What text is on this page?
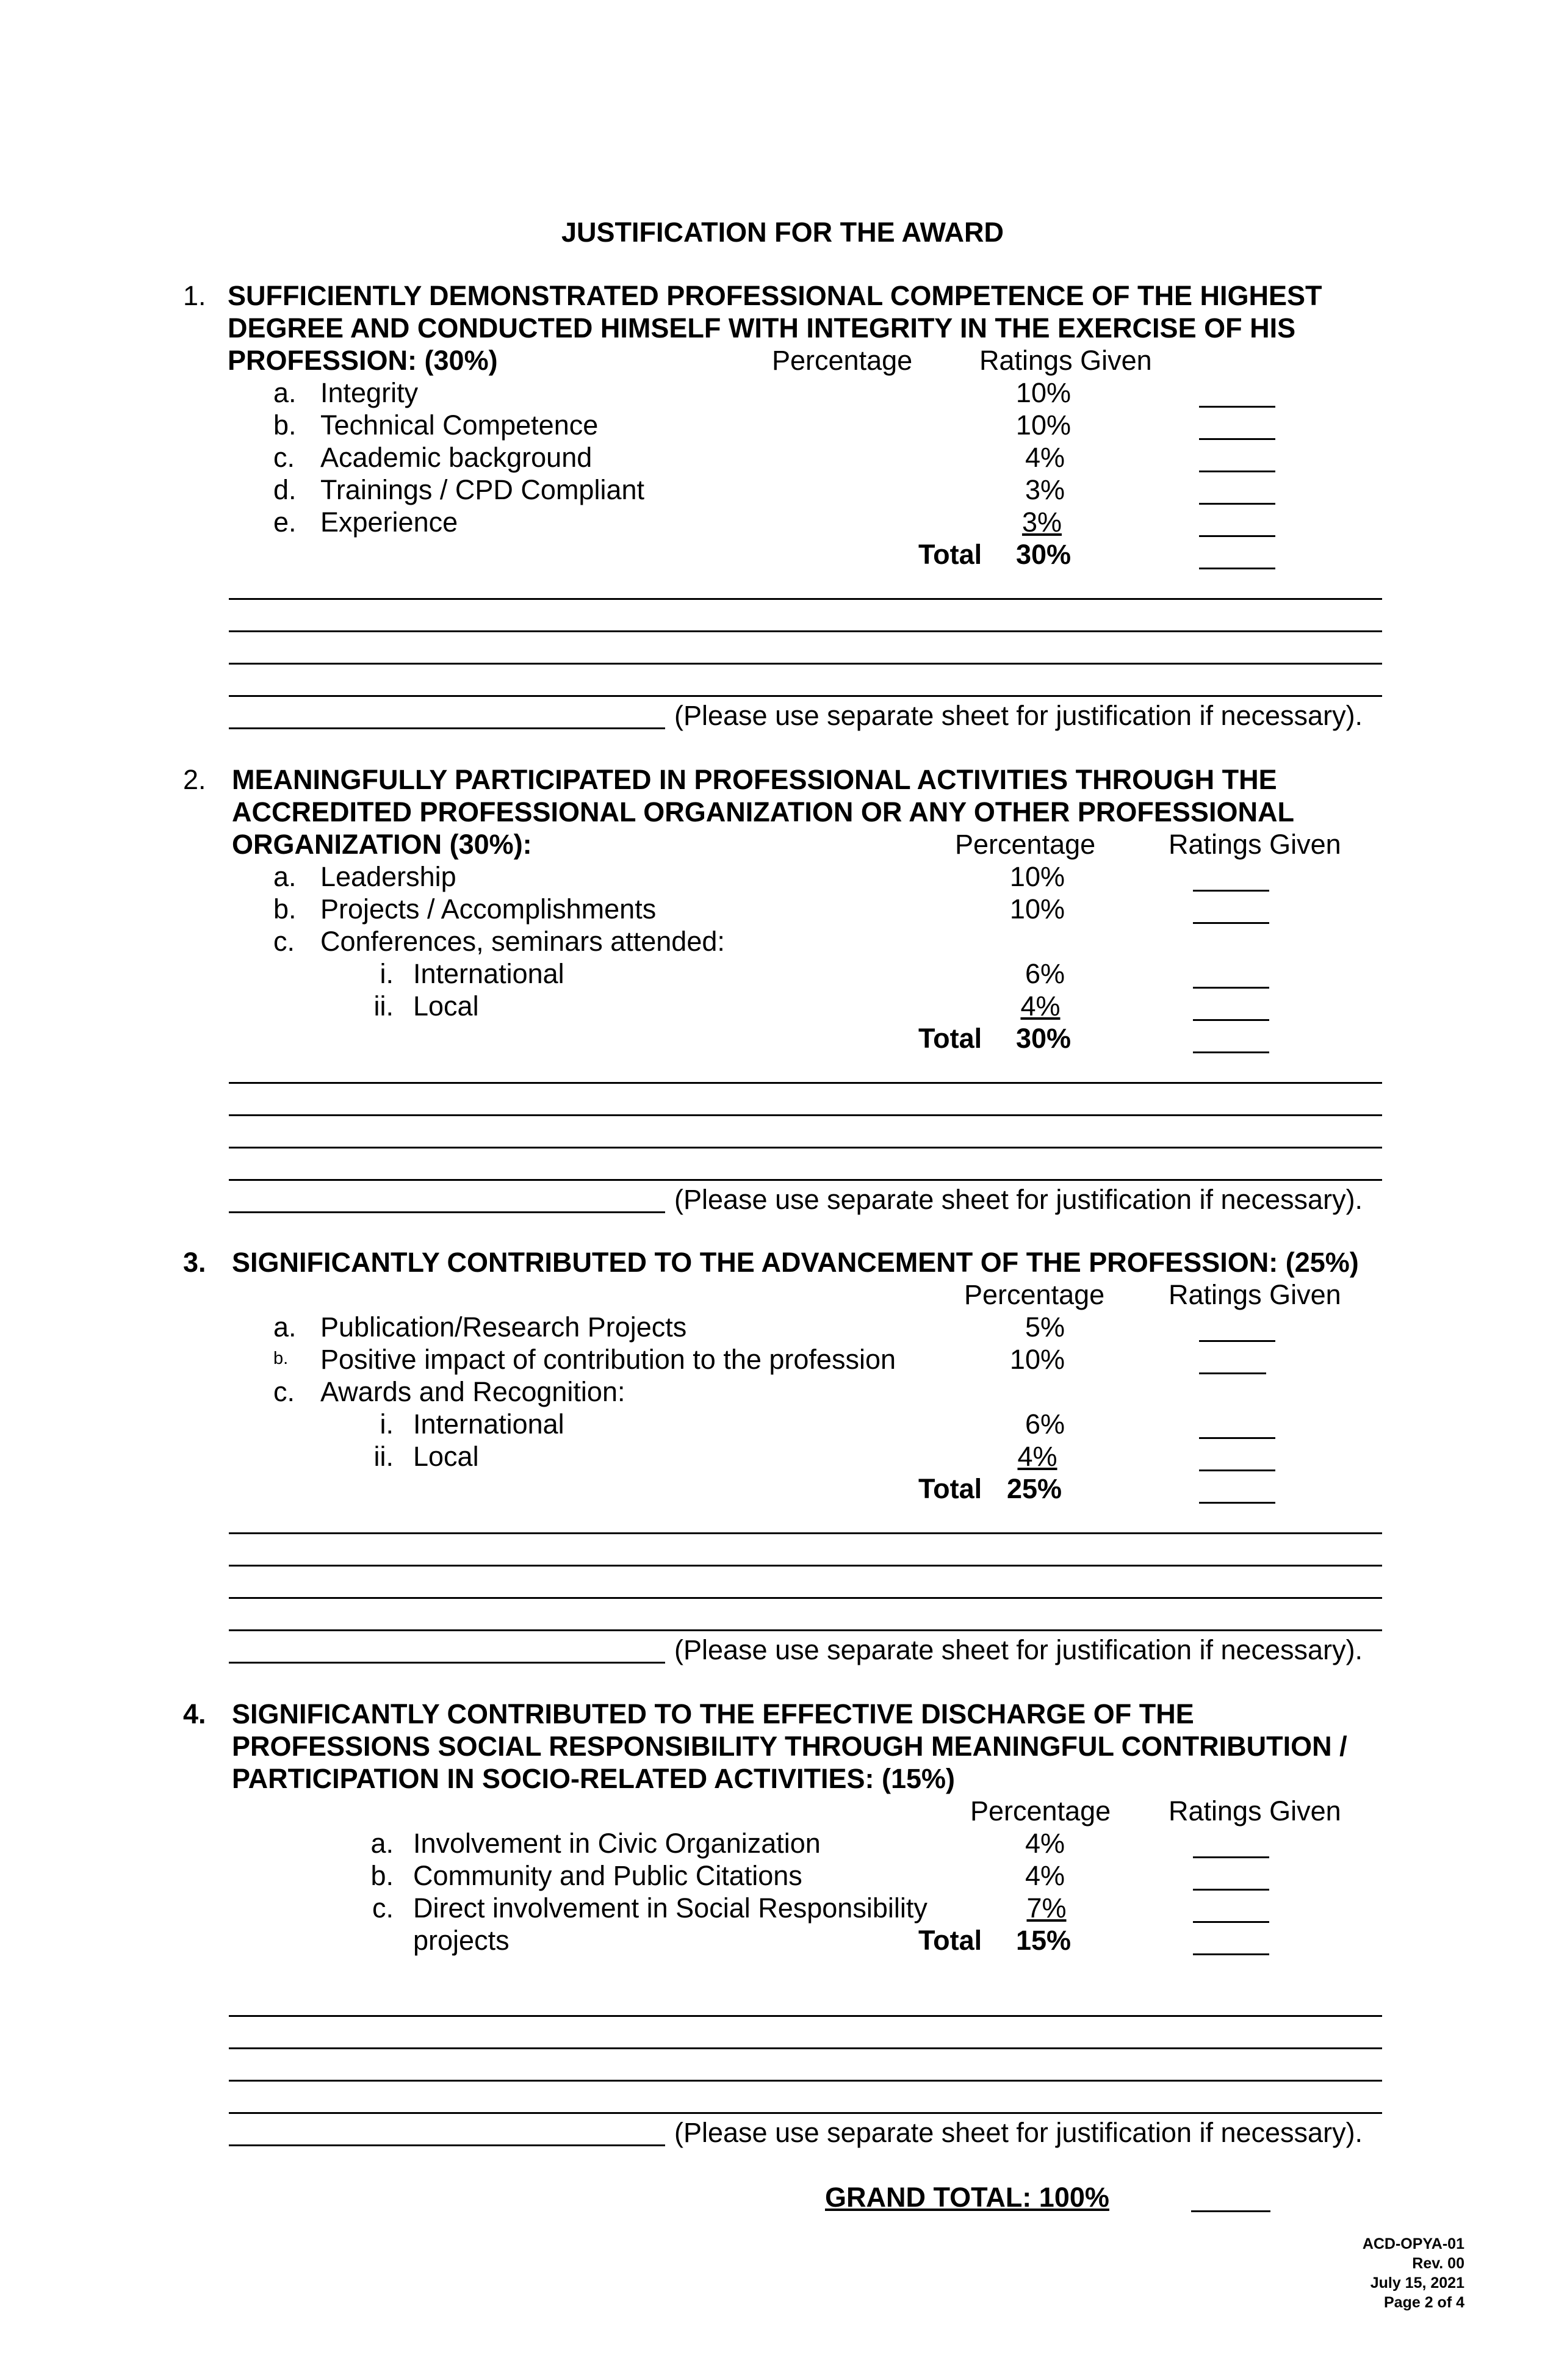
JUSTIFICATION FOR THE AWARD
1. SUFFICIENTLY DEMONSTRATED PROFESSIONAL COMPETENCE OF THE HIGHEST
DEGREE AND CONDUCTED HIMSELF WITH INTEGRITY IN THE EXERCISE OF HIS
PROFESSION: (30%)	Percentage Ratings Given
a. Integrity	10%
b. Technical Competence	10%
c. Academic background	4%
d. Trainings / CPD Compliant	3%
e. Experience	3%
Total 30%
(Please use separate sheet for justification if necessary).
2. MEANINGFULLY PARTICIPATED IN PROFESSIONAL ACTIVITIES THROUGH THE
ACCREDITED PROFESSIONAL ORGANIZATION OR ANY OTHER PROFESSIONAL
ORGANIZATION (30%):	Percentage	Ratings Given
a. Leadership	10%
b. Projects / Accomplishments	10%
c. Conferences, seminars attended:
i. International	6%
ii. Local	4%
Total 30%
(Please use separate sheet for justification if necessary).
3. SIGNIFICANTLY CONTRIBUTED TO THE ADVANCEMENT OF THE PROFESSION: (25%)
Percentage Ratings Given
a. Publication/Research Projects	5%
b. Positive impact of contribution to the profession	10%
c. Awards and Recognition:
i. International	6%
ii. Local	4%
Total 25%
(Please use separate sheet for justification if necessary).
4. SIGNIFICANTLY CONTRIBUTED TO THE EFFECTIVE DISCHARGE OF THE
PROFESSIONS SOCIAL RESPONSIBILITY THROUGH MEANINGFUL CONTRIBUTION /
PARTICIPATION IN SOCIO-RELATED ACTIVITIES: (15%)
Percentage Ratings Given
a. Involvement in Civic Organization	4%
b. Community and Public Citations	4%
c. Direct involvement in Social Responsibility	7%
projects	Total 15%
(Please use separate sheet for justification if necessary).
GRAND TOTAL: 100%
ACD-OPYA-01
Rev. 00
July 15, 2021
Page 2 of 4
